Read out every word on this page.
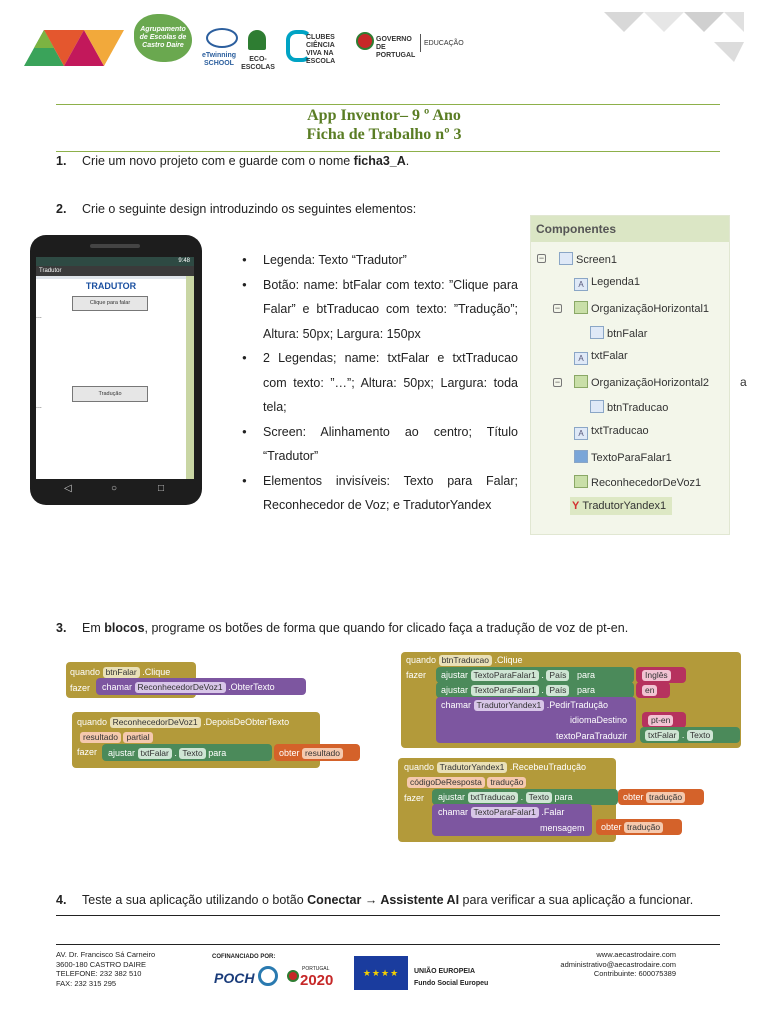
Agrupamento de Escolas de Castro Daire
eTwinning
SCHOOL
ECO-ESCOLAS
CLUBES CIÊNCIA VIVA NA ESCOLA
GOVERNO DE PORTUGAL
EDUCAÇÃO
App Inventor– 9 º Ano
Ficha de Trabalho nº 3
1. Crie um novo projeto com e guarde com o nome ficha3_A.
2. Crie o seguinte design introduzindo os seguintes elementos:
9:48
Tradutor
TRADUTOR
Clique para falar
...
Tradução
...
◁	○	□
● Legenda: Texto “Tradutor”
● Botão: name: btFalar com texto: ”Clique para Falar” e btTraducao com texto: ”Tradução”; Altura: 50px; Largura: 150px
● 2 Legendas; name: txtFalar e txtTraducao com texto: ”…”; Altura: 50px; Largura: toda tela;
● Screen: Alinhamento ao centro; Título “Tradutor”
● Elementos invisíveis: Texto para Falar; Reconhecedor de Voz; e TradutorYandex
Componentes
−	Screen1
A Legenda1
−	OrganizaçãoHorizontal1
btnFalar
A txtFalar
−	OrganizaçãoHorizontal2	a
btnTraducao
A txtTraducao
TextoParaFalar1
ReconhecedorDeVoz1
Y TradutorYandex1
3. Em blocos, programe os botões de forma que quando for clicado faça a tradução de voz de pt-en.
quando btnFalar .Clique
fazer chamar ReconhecedorDeVoz1 .ObterTexto
quando ReconhecedorDeVoz1 .DepoisDeObterTexto
resultado partial
fazer ajustar txtFalar . Texto para	obter resultado
quando btnTraducao .Clique
fazer ajustar TextoParaFalar1 . País para	Inglês
ajustar TextoParaFalar1 . País para	en
chamar TradutorYandex1 .PedirTradução
idiomaDestino	pt-en
textoParaTraduzir	txtFalar . Texto
quando TradutorYandex1 .RecebeuTradução
códigoDeResposta tradução
fazer ajustar txtTraducao . Texto para	obter tradução
chamar TextoParaFalar1 .Falar
mensagem obter tradução
4. Teste a sua aplicação utilizando o botão Conectar → Assistente AI para verificar a sua aplicação a funcionar.
AV. Dr. Francisco Sá Carneiro
3600-180 CASTRO DAIRE
TELEFONE: 232 382 510
FAX: 232 315 295
COFINANCIADO POR:
POCH
PORTUGAL
2020	★★★★	UNIÃO EUROPEIA
Fundo Social Europeu
www.aecastrodaire.com
administrativo@aecastrodaire.com
Contribuinte: 600075389
